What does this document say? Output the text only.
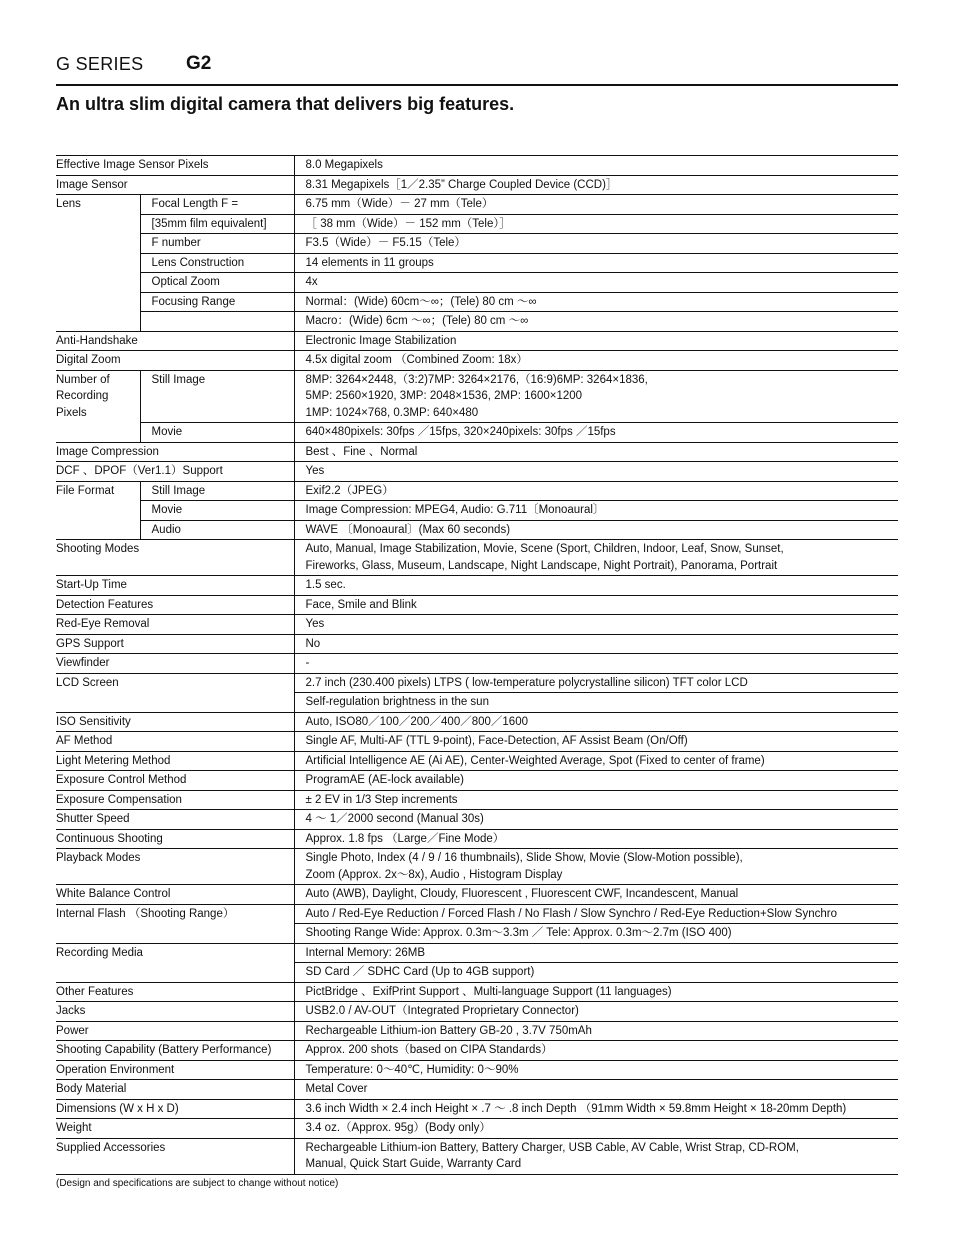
G SERIES G2
An ultra slim digital camera that delivers big features.
Effective Image Sensor Pixels		8.0 Megapixels

Image Sensor		8.31 Megapixels［1／2.35” Charge Coupled Device (CCD)］

Lens	Focal Length F =	6.75 mm（Wide）－ 27 mm（Tele）

	[35mm film equivalent]	［ 38 mm（Wide）－ 152 mm（Tele）］

	F number	F3.5（Wide）－ F5.15（Tele）

	Lens Construction	14 elements in 11 groups

	Optical Zoom	4x

	Focusing Range	Normal：(Wide) 60cm～∞；(Tele) 80 cm ～∞

		Macro：(Wide) 6cm ～∞；(Tele) 80 cm ～∞

Anti-Handshake		Electronic Image Stabilization

Digital Zoom		4.5x digital zoom （Combined Zoom: 18x）

Number of
Recording
Pixels	Still Image	8MP: 3264×2448,（3:2)7MP: 3264×2176,（16:9)6MP: 3264×1836,
5MP: 2560×1920, 3MP: 2048×1536, 2MP: 1600×1200
1MP: 1024×768, 0.3MP: 640×480

	Movie	640×480pixels: 30fps ／15fps, 320×240pixels: 30fps ／15fps

Image Compression		Best 、Fine 、Normal

DCF 、DPOF（Ver1.1）Support		Yes

File Format	Still Image	Exif2.2（JPEG）

	Movie	Image Compression: MPEG4, Audio: G.711〔Monoaural〕

	Audio	WAVE 〔Monoaural〕(Max 60 seconds)

Shooting Modes		Auto, Manual, Image Stabilization, Movie, Scene (Sport, Children, Indoor, Leaf, Snow, Sunset,
Fireworks, Glass, Museum, Landscape, Night Landscape, Night Portrait), Panorama, Portrait

Start-Up Time		1.5 sec.

Detection Features		Face, Smile and Blink

Red-Eye Removal		Yes

GPS Support		No

Viewfinder		-

LCD Screen		2.7 inch (230.400 pixels) LTPS ( low-temperature polycrystalline silicon) TFT color LCD

		Self-regulation brightness in the sun

ISO Sensitivity		Auto, ISO80／100／200／400／800／1600

AF Method		Single AF, Multi-AF (TTL 9-point), Face-Detection, AF Assist Beam (On/Off)

Light Metering Method		Artificial Intelligence AE (Ai AE), Center-Weighted Average, Spot (Fixed to center of frame)

Exposure Control Method		ProgramAE (AE-lock available)

Exposure Compensation		± 2 EV in 1/3 Step increments

Shutter Speed		4 ～ 1／2000 second (Manual 30s)

Continuous Shooting		Approx. 1.8 fps （Large／Fine Mode）

Playback Modes		Single Photo, Index (4 / 9 / 16 thumbnails), Slide Show, Movie (Slow-Motion possible),
Zoom (Approx. 2x～8x), Audio , Histogram Display

White Balance Control		Auto (AWB), Daylight, Cloudy, Fluorescent , Fluorescent CWF, Incandescent, Manual

Internal Flash （Shooting Range）		Auto / Red-Eye Reduction / Forced Flash / No Flash / Slow Synchro / Red-Eye Reduction+Slow Synchro

		Shooting Range Wide: Approx. 0.3m～3.3m ／ Tele: Approx. 0.3m～2.7m (ISO 400)

Recording Media		Internal Memory: 26MB

		SD Card ／ SDHC Card (Up to 4GB support)

Other Features		PictBridge 、ExifPrint Support 、Multi-language Support (11 languages)

Jacks		USB2.0 / AV-OUT（Integrated Proprietary Connector)

Power		Rechargeable Lithium-ion Battery GB-20 , 3.7V 750mAh

Shooting Capability (Battery Performance)		Approx. 200 shots（based on CIPA Standards）

Operation Environment		Temperature: 0～40℃, Humidity: 0～90%

Body Material		Metal Cover

Dimensions (W x H x D)		3.6 inch Width × 2.4 inch Height × .7 ～ .8 inch Depth （91mm Width × 59.8mm Height × 18-20mm Depth)

Weight		3.4 oz.（Approx. 95g）(Body only）

Supplied Accessories		Rechargeable Lithium-ion Battery, Battery Charger, USB Cable, AV Cable, Wrist Strap, CD-ROM,
Manual, Quick Start Guide, Warranty Card
(Design and specifications are subject to change without notice)
